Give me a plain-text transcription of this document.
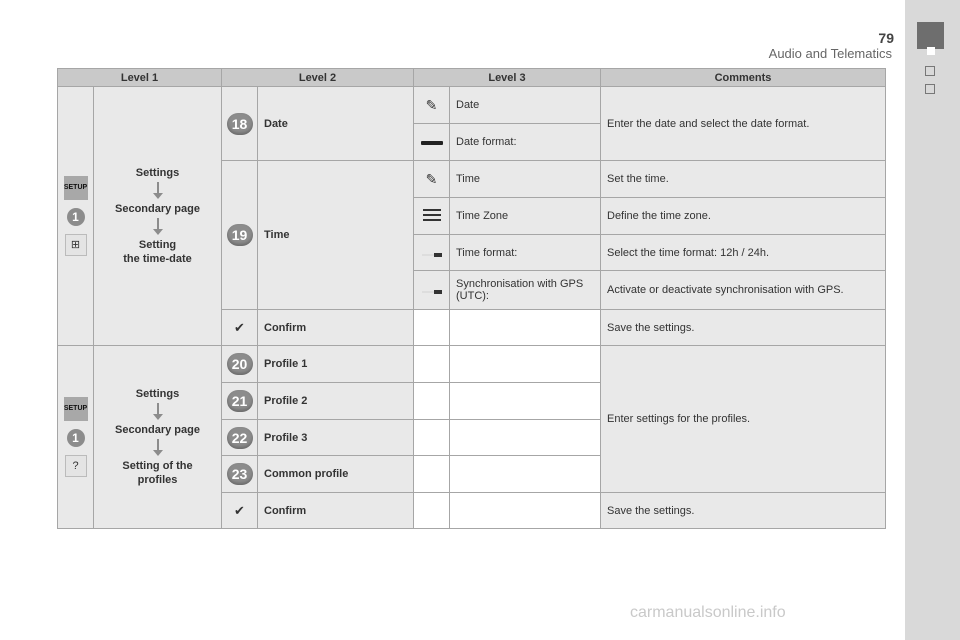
79
Audio and Telematics
Level 1		Level 2		Level 3		Comments
SETUP 1 ⊞	Settings
Secondary page
Setting
the time-date	18	Date	✎	Date	Enter the date and select the date format.
					Date format:	
		19	Time	✎	Time	Set the time.

					Time Zone	Define the time zone.
					Time format:	Select the time format: 12h / 24h.
					Synchronisation with GPS (UTC):	Activate or deactivate synchronisation with GPS.
		✔	Confirm			Save the settings.
SETUP 1 ?	Settings
Secondary page
Setting of the
profiles	20	Profile 1			Enter settings for the profiles.
		21	Profile 2			
		22	Profile 3			
		23	Common profile			
		✔	Confirm			Save the settings.
carmanualsonline.info
